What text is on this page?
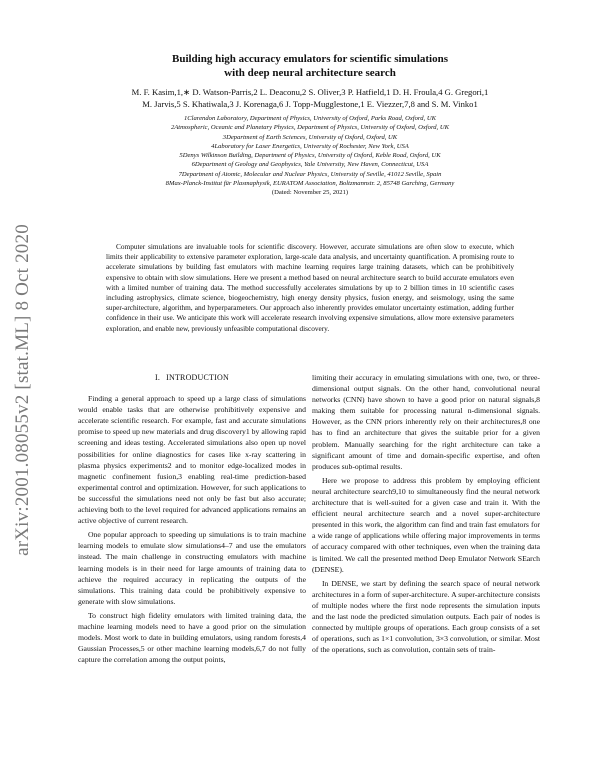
arXiv:2001.08055v2 [stat.ML] 8 Oct 2020
Building high accuracy emulators for scientific simulations
with deep neural architecture search
M. F. Kasim,1,∗ D. Watson-Parris,2 L. Deaconu,2 S. Oliver,3 P. Hatfield,1 D. H. Froula,4 G. Gregori,1
M. Jarvis,5 S. Khatiwala,3 J. Korenaga,6 J. Topp-Mugglestone,1 E. Viezzer,7,8 and S. M. Vinko1
1Clarendon Laboratory, Department of Physics, University of Oxford, Parks Road, Oxford, UK
2Atmospheric, Oceanic and Planetary Physics, Department of Physics, University of Oxford, Oxford, UK
3Department of Earth Sciences, University of Oxford, Oxford, UK
4Laboratory for Laser Energetics, University of Rochester, New York, USA
5Denys Wilkinson Building, Department of Physics, University of Oxford, Keble Road, Oxford, UK
6Department of Geology and Geophysics, Yale University, New Haven, Connecticut, USA
7Department of Atomic, Molecular and Nuclear Physics, University of Seville, 41012 Seville, Spain
8Max-Planck-Institut für Plasmaphysik, EURATOM Association, Boltzmannstr. 2, 85748 Garching, Germany
(Dated: November 25, 2021)
Computer simulations are invaluable tools for scientific discovery. However, accurate simulations are often slow to execute, which limits their applicability to extensive parameter exploration, large-scale data analysis, and uncertainty quantification. A promising route to accelerate simulations by building fast emulators with machine learning requires large training datasets, which can be prohibitively expensive to obtain with slow simulations. Here we present a method based on neural architecture search to build accurate emulators even with a limited number of training data. The method successfully accelerates simulations by up to 2 billion times in 10 scientific cases including astrophysics, climate science, biogeochemistry, high energy density physics, fusion energy, and seismology, using the same super-architecture, algorithm, and hyperparameters. Our approach also inherently provides emulator uncertainty estimation, adding further confidence in their use. We anticipate this work will accelerate research involving expensive simulations, allow more extensive parameters exploration, and enable new, previously unfeasible computational discovery.
I. INTRODUCTION

Finding a general approach to speed up a large class of simulations would enable tasks that are otherwise prohibitively expensive and accelerate scientific research. For example, fast and accurate simulations promise to speed up new materials and drug discovery1 by allowing rapid screening and ideas testing. Accelerated simulations also open up novel possibilities for online diagnostics for cases like x-ray scattering in plasma physics experiments2 and to monitor edge-localized modes in magnetic confinement fusion,3 enabling real-time prediction-based experimental control and optimization. However, for such applications to be successful the simulations need not only be fast but also accurate; achieving both to the level required for advanced applications remains an active objective of current research.

One popular approach to speeding up simulations is to train machine learning models to emulate slow simulations4–7 and use the emulators instead. The main challenge in constructing emulators with machine learning models is in their need for large amounts of training data to achieve the required accuracy in replicating the outputs of the simulations. This training data could be prohibitively expensive to generate with slow simulations.

To construct high fidelity emulators with limited training data, the machine learning models need to have a good prior on the simulation models. Most work to date in building emulators, using random forests,4 Gaussian Processes,5 or other machine learning models,6,7 do not fully capture the correlation among the output points,

limiting their accuracy in emulating simulations with one, two, or three-dimensional output signals. On the other hand, convolutional neural networks (CNN) have shown to have a good prior on natural signals,8 making them suitable for processing natural n-dimensional signals. However, as the CNN priors inherently rely on their architectures,8 one has to find an architecture that gives the suitable prior for a given problem. Manually searching for the right architecture can take a significant amount of time and domain-specific expertise, and often produces sub-optimal results.

Here we propose to address this problem by employing efficient neural architecture search9,10 to simultaneously find the neural network architecture that is well-suited for a given case and train it. With the efficient neural architecture search and a novel super-architecture presented in this work, the algorithm can find and train fast emulators for a wide range of applications while offering major improvements in terms of accuracy compared with other techniques, even when the training data is limited. We call the presented method Deep Emulator Network SEarch (DENSE).

In DENSE, we start by defining the search space of neural network architectures in a form of super-architecture. A super-architecture consists of multiple nodes where the first node represents the simulation inputs and the last node the predicted simulation outputs. Each pair of nodes is connected by multiple groups of operations. Each group consists of a set of operations, such as 1×1 convolution, 3×3 convolution, or similar. Most of the operations, such as convolution, contain sets of train-
